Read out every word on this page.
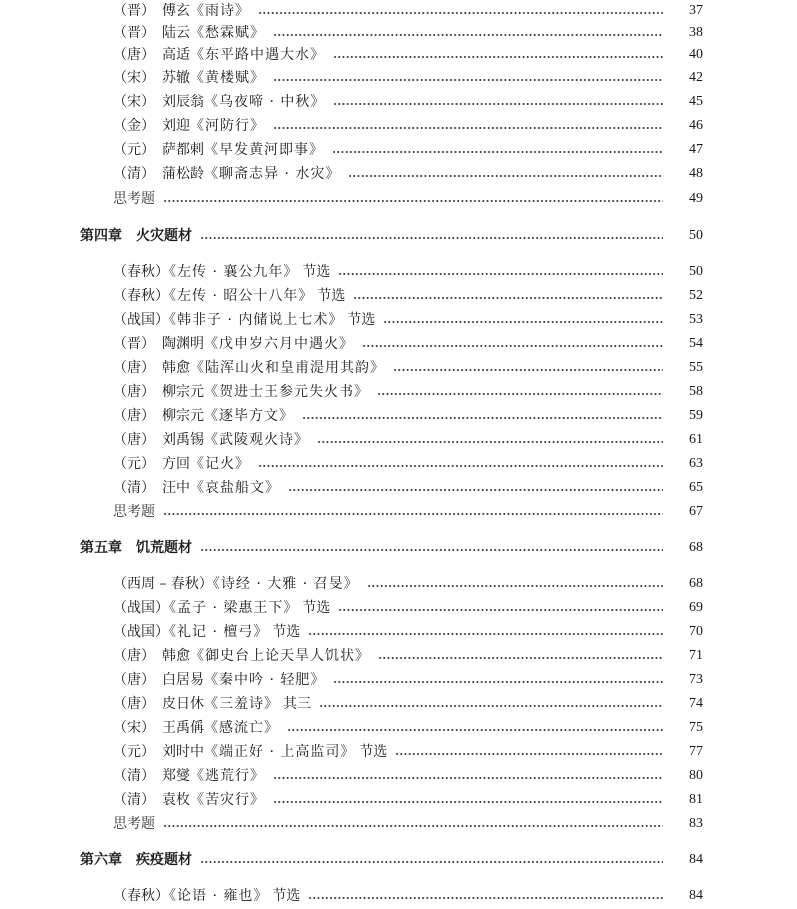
（晋） 傅玄《雨诗》	37
（晋） 陆云《愁霖赋》	38
（唐） 高适《东平路中遇大水》	40
（宋） 苏辙《黄楼赋》	42
（宋） 刘辰翁《乌夜啼 · 中秋》	45
（金） 刘迎《河防行》	46
（元） 萨都剌《早发黄河即事》	47
（清） 蒲松龄《聊斋志异 · 水灾》	48
思考题	49
第四章 火灾题材	50
（春秋）《左传 · 襄公九年》 节选	50
（春秋）《左传 · 昭公十八年》 节选	52
（战国）《韩非子 · 内储说上七术》 节选	53
（晋） 陶渊明《戊申岁六月中遇火》	54
（唐） 韩愈《陆浑山火和皇甫湜用其韵》	55
（唐） 柳宗元《贺进士王参元失火书》	58
（唐） 柳宗元《逐毕方文》	59
（唐） 刘禹锡《武陵观火诗》	61
（元） 方回《记火》	63
（清） 汪中《哀盐船文》	65
思考题	67
第五章 饥荒题材	68
（西周 – 春秋）《诗经 · 大雅 · 召旻》	68
（战国）《孟子 · 梁惠王下》 节选	69
（战国）《礼记 · 檀弓》 节选	70
（唐） 韩愈《御史台上论天旱人饥状》	71
（唐） 白居易《秦中吟 · 轻肥》	73
（唐） 皮日休《三羞诗》 其三	74
（宋） 王禹偁《感流亡》	75
（元） 刘时中《端正好 · 上高监司》 节选	77
（清） 郑燮《逃荒行》	80
（清） 袁枚《苦灾行》	81
思考题	83
第六章 疾疫题材	84
（春秋）《论语 · 雍也》 节选	84
